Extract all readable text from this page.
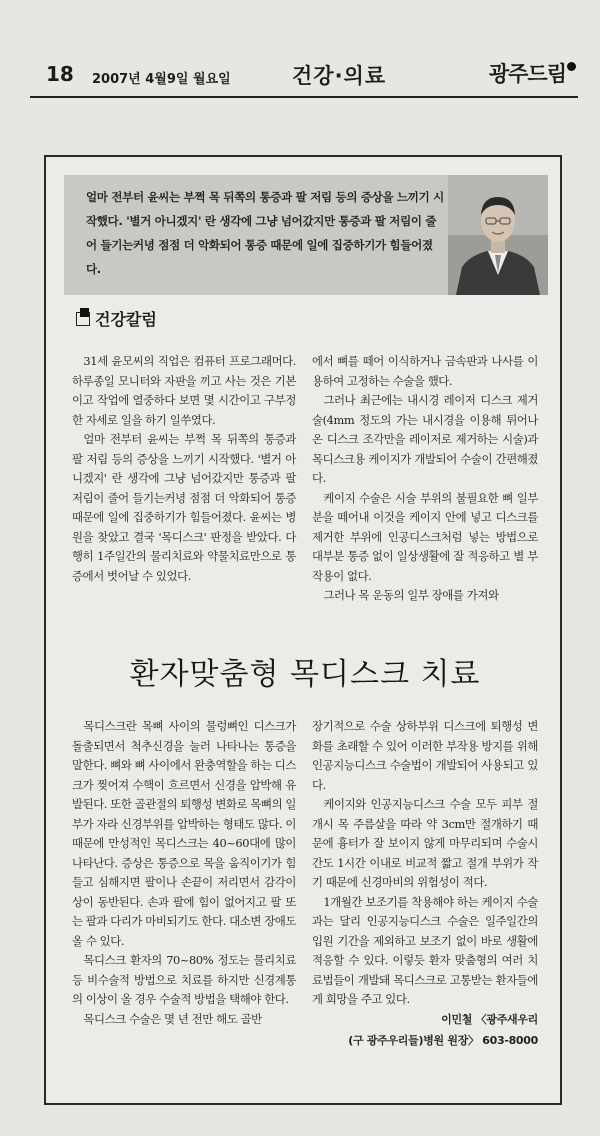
18 2007년 4월9일 월요일	건강·의료	광주드림
얼마 전부터 윤씨는 부쩍 목 뒤쪽의 통증과 팔 저림 등의 증상을 느끼기 시작했다. '별거 아니겠지' 란 생각에 그냥 넘어갔지만 통증과 팔 저림이 줄어 들기는커녕 점점 더 악화되어 통증 때문에 일에 집중하기가 힘들어졌다.
건강칼럼

31세 윤모씨의 직업은 컴퓨터 프로그래머다. 하루종일 모니터와 자판을 끼고 사는 것은 기본이고 작업에 열중하다 보면 몇 시간이고 구부정한 자세로 일을 하기 일쑤였다.

얼마 전부터 윤씨는 부쩍 목 뒤쪽의 통증과 팔 저림 등의 증상을 느끼기 시작했다. '별거 아니겠지' 란 생각에 그냥 넘어갔지만 통증과 팔 저림이 줄어 들기는커녕 점점 더 악화되어 통증 때문에 일에 집중하기가 힘들어졌다. 윤씨는 병원을 찾았고 결국 '목디스크' 판정을 받았다. 다행히 1주일간의 물리치료와 약물치료만으로 통증에서 벗어날 수 있었다.

에서 뼈를 떼어 이식하거나 금속판과 나사를 이용하여 고정하는 수술을 했다.

그러나 최근에는 내시경 레이저 디스크 제거술(4mm 정도의 가는 내시경을 이용해 튀어나온 디스크 조각만을 레이저로 제거하는 시술)과 목디스크용 케이지가 개발되어 수술이 간편해졌다.

케이지 수술은 시술 부위의 불필요한 뼈 일부분을 떼어내 이것을 케이지 안에 넣고 디스크를 제거한 부위에 인공디스크처럼 넣는 방법으로 대부분 통증 없이 일상생활에 잘 적응하고 별 부작용이 없다.

그러나 목 운동의 일부 장애를 가져와

환자맞춤형 목디스크 치료

목디스크란 목뼈 사이의 물렁뼈인 디스크가 돌출되면서 척추신경을 눌러 나타나는 통증을 말한다. 뼈와 뼈 사이에서 완충역할을 하는 디스크가 찢어져 수핵이 흐르면서 신경을 압박해 유발된다. 또한 골관절의 퇴행성 변화로 목뼈의 일부가 자라 신경부위를 압박하는 형태도 많다. 이 때문에 만성적인 목디스크는 40~60대에 많이 나타난다. 증상은 통증으로 목을 움직이기가 힘들고 심해지면 팔이나 손끝이 저리면서 감각이상이 동반된다. 손과 팔에 힘이 없어지고 팔 또는 팔과 다리가 마비되기도 한다. 대소변 장애도 올 수 있다.

목디스크 환자의 70~80% 정도는 물리치료 등 비수술적 방법으로 치료를 하지만 신경계통의 이상이 올 경우 수술적 방법을 택해야 한다.

목디스크 수술은 몇 년 전만 해도 골반

장기적으로 수술 상하부위 디스크에 퇴행성 변화를 초래할 수 있어 이러한 부작용 방지를 위해 인공지능디스크 수술법이 개발되어 사용되고 있다.

케이지와 인공지능디스크 수술 모두 피부 절개시 목 주름살을 따라 약 3cm만 절개하기 때문에 흉터가 잘 보이지 않게 마무리되며 수술시간도 1시간 이내로 비교적 짧고 절개 부위가 작기 때문에 신경마비의 위험성이 적다.

1개월간 보조기를 착용해야 하는 케이지 수술과는 달리 인공지능디스크 수술은 일주일간의 입원 기간을 제외하고 보조기 없이 바로 생활에 적응할 수 있다. 이렇듯 환자 맞춤형의 여러 치료법들이 개발돼 목디스크로 고통받는 환자들에게 희망을 주고 있다.

이민철 〈광주새우리
(구 광주우리들)병원 원장〉 603-8000
